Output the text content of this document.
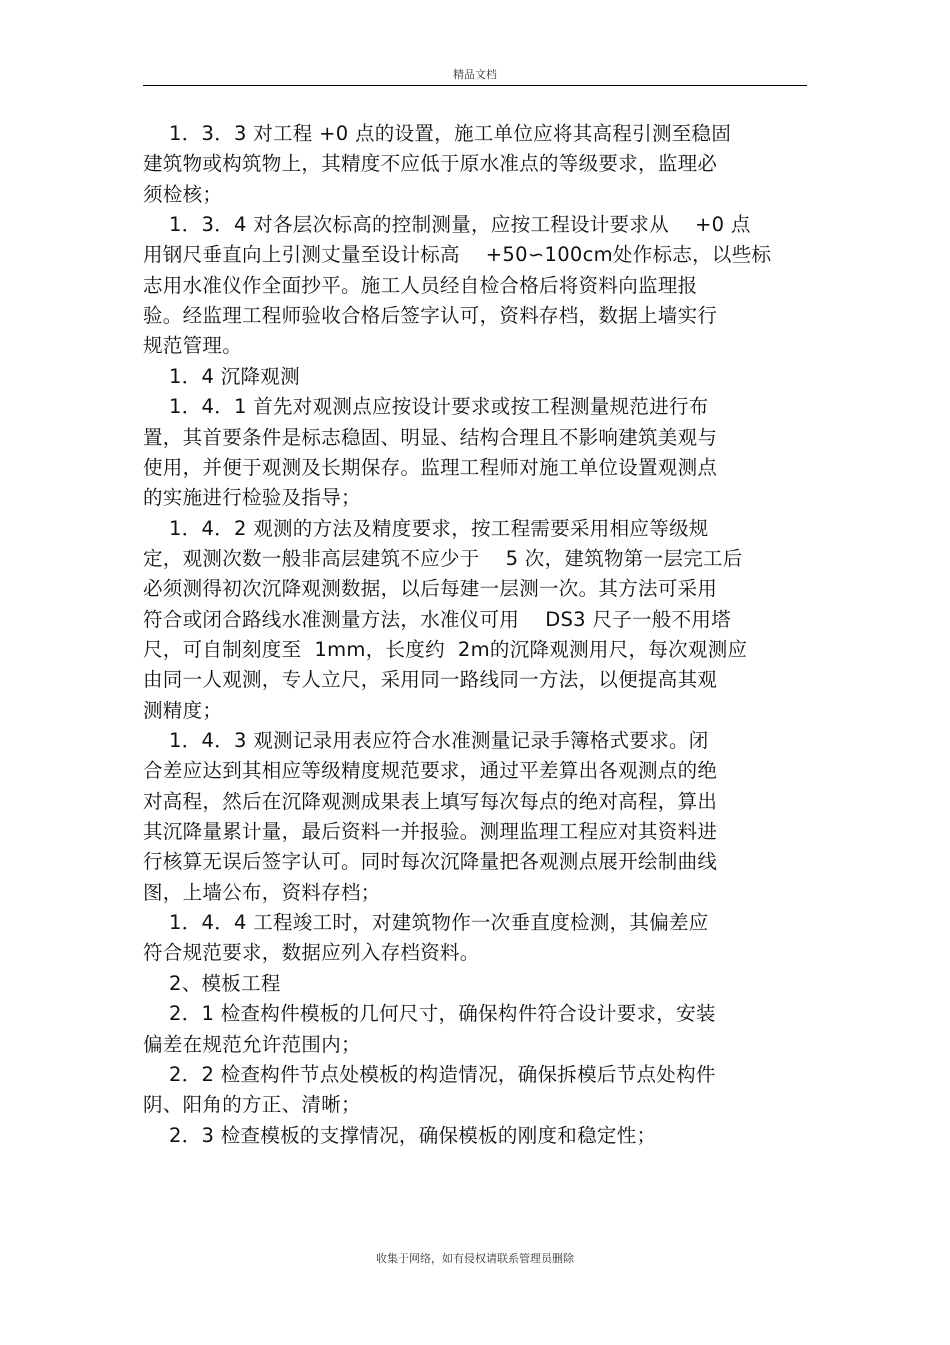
精品文档
1．3．3 对工程 +0 点的设置，施工单位应将其高程引测至稳固
建筑物或构筑物上，其精度不应低于原水准点的等级要求，监理必
须检核；
1．3．4 对各层次标高的控制测量，应按工程设计要求从    +0 点
用钢尺垂直向上引测丈量至设计标高    +50∽100cm处作标志，以些标
志用水准仪作全面抄平。施工人员经自检合格后将资料向监理报
验。经监理工程师验收合格后签字认可，资料存档，数据上墙实行
规范管理。
1．4 沉降观测
1．4．1 首先对观测点应按设计要求或按工程测量规范进行布
置，其首要条件是标志稳固、明显、结构合理且不影响建筑美观与
使用，并便于观测及长期保存。监理工程师对施工单位设置观测点
的实施进行检验及指导；
1．4．2 观测的方法及精度要求，按工程需要采用相应等级规
定，观测次数一般非高层建筑不应少于    5 次，建筑物第一层完工后
必须测得初次沉降观测数据，以后每建一层测一次。其方法可采用
符合或闭合路线水准测量方法，水准仪可用    DS3 尺子一般不用塔
尺，可自制刻度至  1mm，长度约  2m的沉降观测用尺，每次观测应
由同一人观测，专人立尺，采用同一路线同一方法，以便提高其观
测精度；
1．4．3 观测记录用表应符合水准测量记录手簿格式要求。闭
合差应达到其相应等级精度规范要求，通过平差算出各观测点的绝
对高程，然后在沉降观测成果表上填写每次每点的绝对高程，算出
其沉降量累计量，最后资料一并报验。测理监理工程应对其资料进
行核算无误后签字认可。同时每次沉降量把各观测点展开绘制曲线
图，上墙公布，资料存档；
1．4．4 工程竣工时，对建筑物作一次垂直度检测，其偏差应
符合规范要求，数据应列入存档资料。
2、模板工程
2．1 检查构件模板的几何尺寸，确保构件符合设计要求，安装
偏差在规范允许范围内；
2．2 检查构件节点处模板的构造情况，确保拆模后节点处构件
阴、阳角的方正、清晰；
2．3 检查模板的支撑情况，确保模板的刚度和稳定性；
收集于网络，如有侵权请联系管理员删除
